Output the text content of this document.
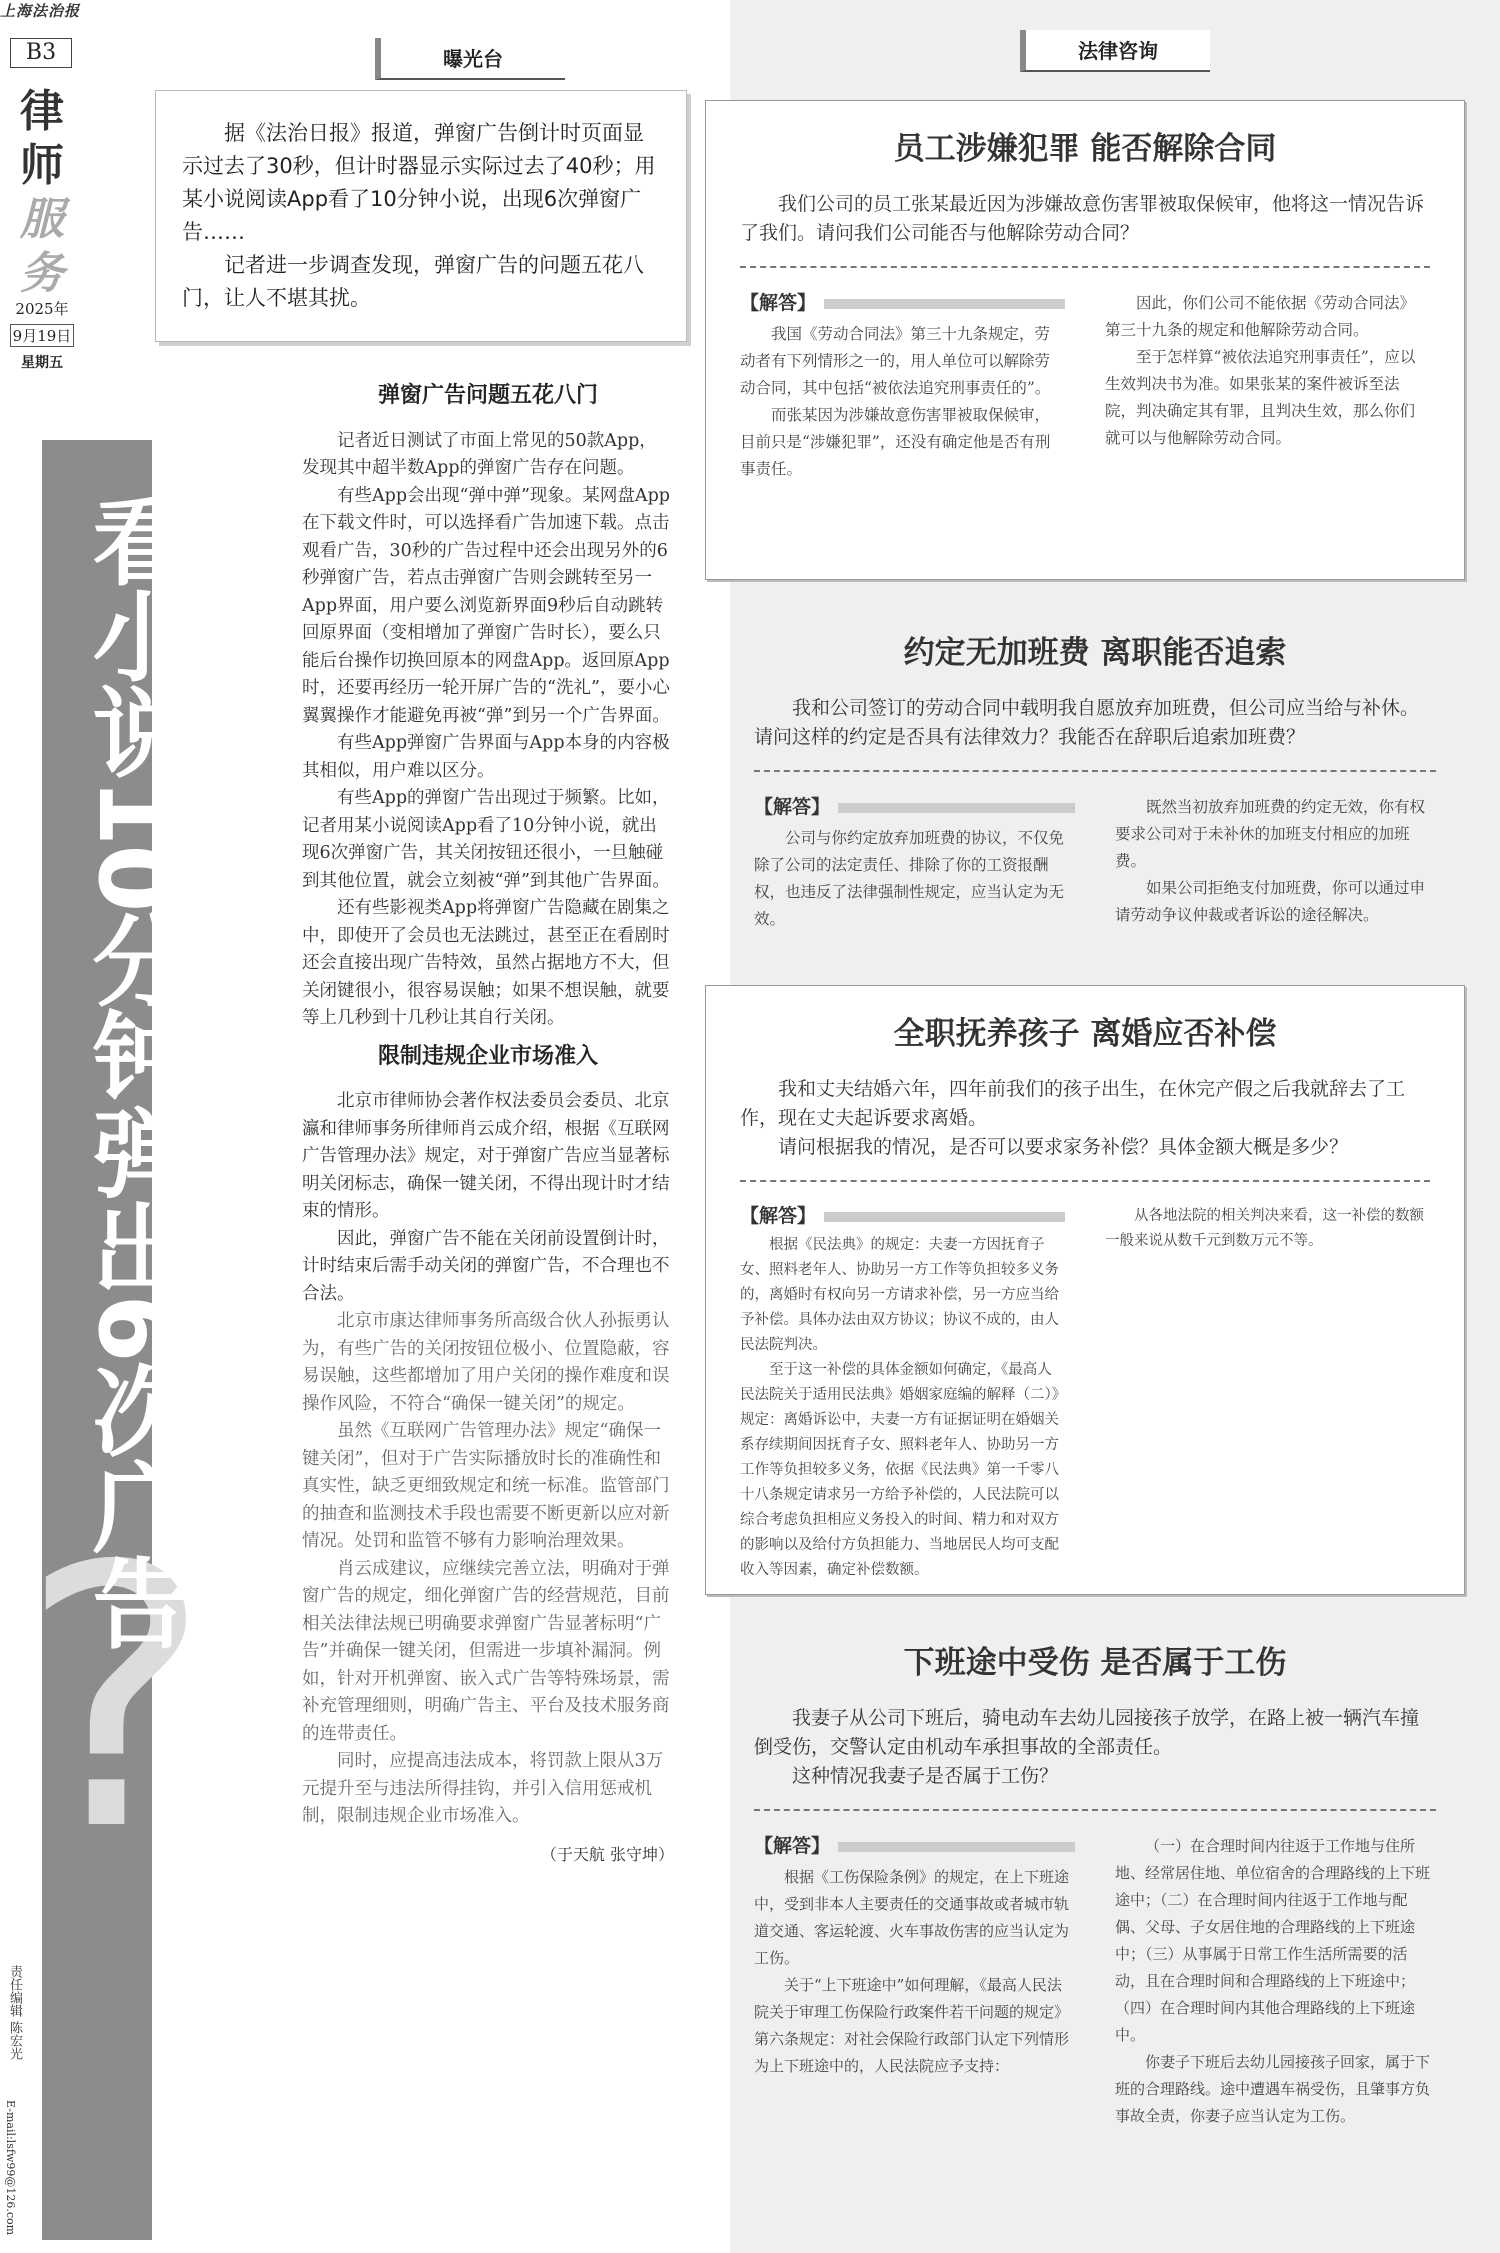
上海法治报
B3
律
师
服
务
2025年
9月19日
星期五
?
看小说10分钟弹出6次广告 律师：须加大处罚力度提高违法成本
责任编辑 陈宏光
E-mail:lsfw99@126.com
曝光台	法律咨询

据《法治日报》报道，弹窗广告倒计时页面显示过去了30秒，但计时器显示实际过去了40秒；用某小说阅读App看了10分钟小说，出现6次弹窗广告……

记者进一步调查发现，弹窗广告的问题五花八门，让人不堪其扰。

弹窗广告问题五花八门

记者近日测试了市面上常见的50款App，发现其中超半数App的弹窗广告存在问题。

有些App会出现“弹中弹”现象。某网盘App在下载文件时，可以选择看广告加速下载。点击观看广告，30秒的广告过程中还会出现另外的6秒弹窗广告，若点击弹窗广告则会跳转至另一App界面，用户要么浏览新界面9秒后自动跳转回原界面（变相增加了弹窗广告时长），要么只能后台操作切换回原本的网盘App。返回原App时，还要再经历一轮开屏广告的“洗礼”，要小心翼翼操作才能避免再被“弹”到另一个广告界面。

有些App弹窗广告界面与App本身的内容极其相似，用户难以区分。

有些App的弹窗广告出现过于频繁。比如，记者用某小说阅读App看了10分钟小说，就出现6次弹窗广告，其关闭按钮还很小，一旦触碰到其他位置，就会立刻被“弹”到其他广告界面。

还有些影视类App将弹窗广告隐藏在剧集之中，即使开了会员也无法跳过，甚至正在看剧时还会直接出现广告特效，虽然占据地方不大，但关闭键很小，很容易误触；如果不想误触，就要等上几秒到十几秒让其自行关闭。

限制违规企业市场准入

北京市律师协会著作权法委员会委员、北京瀛和律师事务所律师肖云成介绍，根据《互联网广告管理办法》规定，对于弹窗广告应当显著标明关闭标志，确保一键关闭，不得出现计时才结束的情形。

因此，弹窗广告不能在关闭前设置倒计时，计时结束后需手动关闭的弹窗广告，不合理也不合法。

北京市康达律师事务所高级合伙人孙振勇认为，有些广告的关闭按钮位极小、位置隐蔽，容易误触，这些都增加了用户关闭的操作难度和误操作风险，不符合“确保一键关闭”的规定。

虽然《互联网广告管理办法》规定“确保一键关闭”，但对于广告实际播放时长的准确性和真实性，缺乏更细致规定和统一标准。监管部门的抽查和监测技术手段也需要不断更新以应对新情况。处罚和监管不够有力影响治理效果。

肖云成建议，应继续完善立法，明确对于弹窗广告的规定，细化弹窗广告的经营规范，目前相关法律法规已明确要求弹窗广告显著标明“广告”并确保一键关闭，但需进一步填补漏洞。例如，针对开机弹窗、嵌入式广告等特殊场景，需补充管理细则，明确广告主、平台及技术服务商的连带责任。

同时，应提高违法成本，将罚款上限从3万元提升至与违法所得挂钩，并引入信用惩戒机制，限制违规企业市场准入。

（于天航 张守坤）
员工涉嫌犯罪 能否解除合同

我们公司的员工张某最近因为涉嫌故意伤害罪被取保候审，他将这一情况告诉了我们。请问我们公司能否与他解除劳动合同？

【解答】

我国《劳动合同法》第三十九条规定，劳动者有下列情形之一的，用人单位可以解除劳动合同，其中包括“被依法追究刑事责任的”。

而张某因为涉嫌故意伤害罪被取保候审，目前只是“涉嫌犯罪”，还没有确定他是否有刑事责任。

因此，你们公司不能依据《劳动合同法》第三十九条的规定和他解除劳动合同。

至于怎样算“被依法追究刑事责任”，应以生效判决书为准。如果张某的案件被诉至法院，判决确定其有罪，且判决生效，那么你们就可以与他解除劳动合同。

约定无加班费 离职能否追索

我和公司签订的劳动合同中载明我自愿放弃加班费，但公司应当给与补休。请问这样的约定是否具有法律效力？我能否在辞职后追索加班费？

【解答】

公司与你约定放弃加班费的协议，不仅免除了公司的法定责任、排除了你的工资报酬权，也违反了法律强制性规定，应当认定为无效。

既然当初放弃加班费的约定无效，你有权要求公司对于未补休的加班支付相应的加班费。

如果公司拒绝支付加班费，你可以通过申请劳动争议仲裁或者诉讼的途径解决。

全职抚养孩子 离婚应否补偿

我和丈夫结婚六年，四年前我们的孩子出生，在休完产假之后我就辞去了工作，现在丈夫起诉要求离婚。

请问根据我的情况，是否可以要求家务补偿？具体金额大概是多少？

【解答】

根据《民法典》的规定：夫妻一方因抚育子女、照料老年人、协助另一方工作等负担较多义务的，离婚时有权向另一方请求补偿，另一方应当给予补偿。具体办法由双方协议；协议不成的，由人民法院判决。

至于这一补偿的具体金额如何确定，《最高人民法院关于适用民法典》婚姻家庭编的解释（二）》规定：离婚诉讼中，夫妻一方有证据证明在婚姻关系存续期间因抚育子女、照料老年人、协助另一方工作等负担较多义务，依据《民法典》第一千零八十八条规定请求另一方给予补偿的，人民法院可以综合考虑负担相应义务投入的时间、精力和对双方的影响以及给付方负担能力、当地居民人均可支配收入等因素，确定补偿数额。

从各地法院的相关判决来看，这一补偿的数额一般来说从数千元到数万元不等。

下班途中受伤 是否属于工伤

我妻子从公司下班后，骑电动车去幼儿园接孩子放学，在路上被一辆汽车撞倒受伤，交警认定由机动车承担事故的全部责任。

这种情况我妻子是否属于工伤？

【解答】

根据《工伤保险条例》的规定，在上下班途中，受到非本人主要责任的交通事故或者城市轨道交通、客运轮渡、火车事故伤害的应当认定为工伤。

关于“上下班途中”如何理解，《最高人民法院关于审理工伤保险行政案件若干问题的规定》第六条规定：对社会保险行政部门认定下列情形为上下班途中的，人民法院应予支持：

（一）在合理时间内往返于工作地与住所地、经常居住地、单位宿舍的合理路线的上下班途中；（二）在合理时间内往返于工作地与配偶、父母、子女居住地的合理路线的上下班途中；（三）从事属于日常工作生活所需要的活动，且在合理时间和合理路线的上下班途中；（四）在合理时间内其他合理路线的上下班途中。

你妻子下班后去幼儿园接孩子回家，属于下班的合理路线。途中遭遇车祸受伤，且肇事方负事故全责，你妻子应当认定为工伤。
